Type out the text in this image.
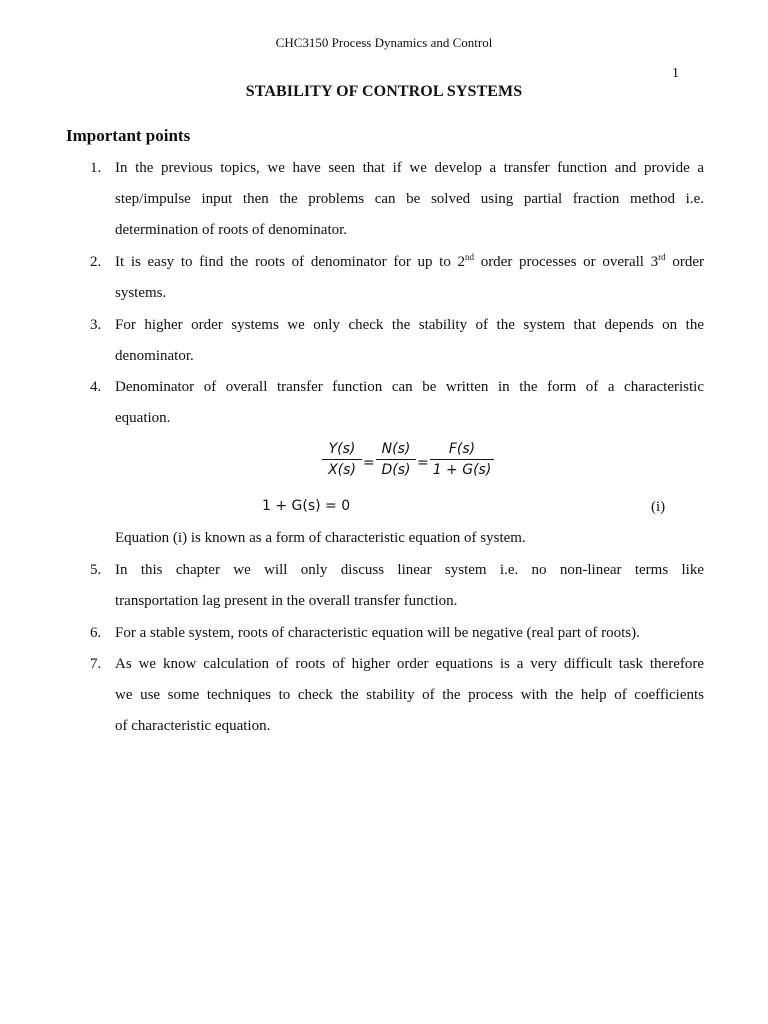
CHC3150 Process Dynamics and Control
1
STABILITY OF CONTROL SYSTEMS
Important points
1. In the previous topics, we have seen that if we develop a transfer function and provide a
step/impulse input then the problems can be solved using partial fraction method i.e.
determination of roots of denominator.
2. It is easy to find the roots of denominator for up to 2nd order processes or overall 3rd order
systems.
3. For higher order systems we only check the stability of the system that depends on the
denominator.
4. Denominator of overall transfer function can be written in the form of a characteristic
equation.
Y(s)
X(s) =
N(s)
D(s) =
F(s)
1 + G(s)
1 + G(s) = 0	(i)
Equation (i) is known as a form of characteristic equation of system.
5. In this chapter we will only discuss linear system i.e. no non-linear terms like
transportation lag present in the overall transfer function.
6. For a stable system, roots of characteristic equation will be negative (real part of roots).
7. As we know calculation of roots of higher order equations is a very difficult task therefore
we use some techniques to check the stability of the process with the help of coefficients
of characteristic equation.
